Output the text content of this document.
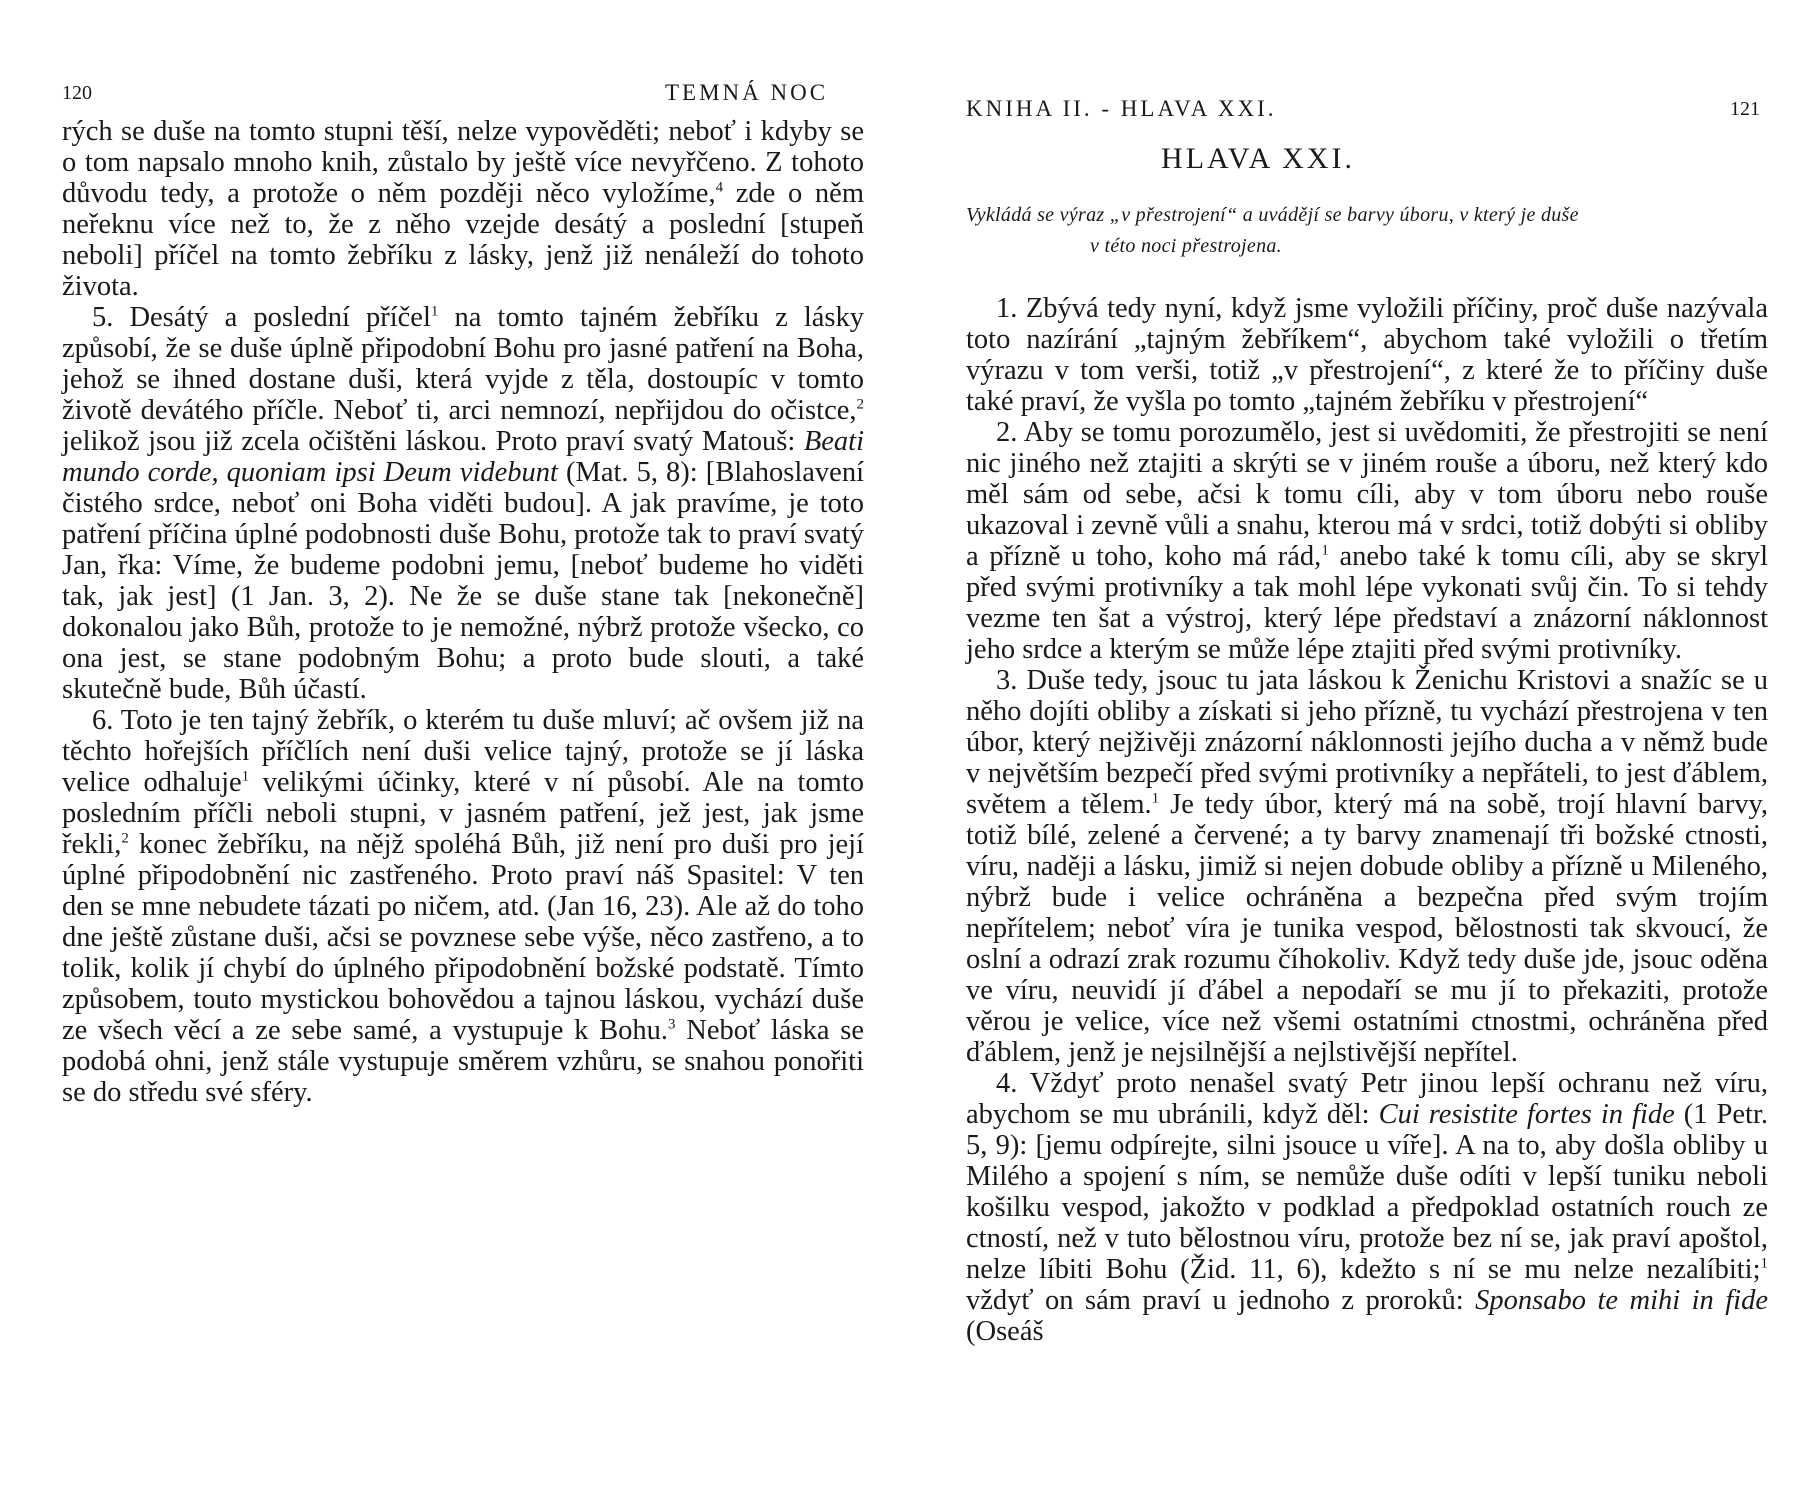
120	TEMNÁ NOC

rých se duše na tomto stupni těší, nelze vypověděti; neboť i kdyby se o tom napsalo mnoho knih, zůstalo by ještě více nevyřčeno. Z tohoto důvodu tedy, a protože o něm později něco vyložíme,$^4$ zde o něm neřeknu více než to, že z něho vzejde desátý a poslední [stupeň neboli] příčel na tomto žebříku z lásky, jenž již nenáleží do tohoto života.

5. Desátý a poslední příčel$^1$ na tomto tajném žebříku z lásky způsobí, že se duše úplně připodobní Bohu pro jasné patření na Boha, jehož se ihned dostane duši, která vyjde z těla, dostoupíc v tomto životě devátého příčle. Neboť ti, arci nemnozí, nepřijdou do očistce,$^2$ jelikož jsou již zcela očištěni láskou. Proto praví svatý Matouš: Beati mundo corde, quoniam ipsi Deum videbunt (Mat. 5, 8): [Blahoslavení čistého srdce, neboť oni Boha viděti budou]. A jak pravíme, je toto patření příčina úplné podobnosti duše Bohu, protože tak to praví svatý Jan, řka: Víme, že budeme podobni jemu, [neboť budeme ho viděti tak, jak jest] (1 Jan. 3, 2). Ne že se duše stane tak [nekonečně] dokonalou jako Bůh, protože to je nemožné, nýbrž protože všecko, co ona jest, se stane podobným Bohu; a proto bude slouti, a také skutečně bude, Bůh účastí.

6. Toto je ten tajný žebřík, o kterém tu duše mluví; ač ovšem již na těchto hořejších příčlích není duši velice tajný, protože se jí láska velice odhaluje$^1$ velikými účinky, které v ní působí. Ale na tomto posledním příčli neboli stupni, v jasném patření, jež jest, jak jsme řekli,$^2$ konec žebříku, na nějž spoléhá Bůh, již není pro duši pro její úplné připodobnění nic zastřeného. Proto praví náš Spasitel: V ten den se mne nebudete tázati po ničem, atd. (Jan 16, 23). Ale až do toho dne ještě zůstane duši, ačsi se povznese sebe výše, něco zastřeno, a to tolik, kolik jí chybí do úplného připodobnění božské podstatě. Tímto způsobem, touto mystickou bohovědou a tajnou láskou, vychází duše ze všech věcí a ze sebe samé, a vystupuje k Bohu.$^3$ Neboť láska se podobá ohni, jenž stále vystupuje směrem vzhůru, se snahou ponořiti se do středu své sféry.

KNIHA II. - HLAVA XXI.	121
HLAVA XXI.
Vykládá se výraz „v přestrojení“ a uvádějí se barvy úboru, v který je duše
v této noci přestrojena.

1. Zbývá tedy nyní, když jsme vyložili příčiny, proč duše nazývala toto nazírání „tajným žebříkem“, abychom také vyložili o třetím výrazu v tom verši, totiž „v přestrojení“, z které že to příčiny duše také praví, že vyšla po tomto „tajném žebříku v přestrojení“

2. Aby se tomu porozumělo, jest si uvědomiti, že přestrojiti se není nic jiného než ztajiti a skrýti se v jiném rouše a úboru, než který kdo měl sám od sebe, ačsi k tomu cíli, aby v tom úboru nebo rouše ukazoval i zevně vůli a snahu, kterou má v srdci, totiž dobýti si obliby a přízně u toho, koho má rád,$^1$ anebo také k tomu cíli, aby se skryl před svými protivníky a tak mohl lépe vykonati svůj čin. To si tehdy vezme ten šat a výstroj, který lépe představí a znázorní náklonnost jeho srdce a kterým se může lépe ztajiti před svými protivníky.

3. Duše tedy, jsouc tu jata láskou k Ženichu Kristovi a snažíc se u něho dojíti obliby a získati si jeho přízně, tu vychází přestrojena v ten úbor, který nejživěji znázorní náklonnosti jejího ducha a v němž bude v největším bezpečí před svými protivníky a nepřáteli, to jest ďáblem, světem a tělem.$^1$ Je tedy úbor, který má na sobě, trojí hlavní barvy, totiž bílé, zelené a červené; a ty barvy znamenají tři božské ctnosti, víru, naději a lásku, jimiž si nejen dobude obliby a přízně u Mileného, nýbrž bude i velice ochráněna a bezpečna před svým trojím nepřítelem; neboť víra je tunika vespod, bělostnosti tak skvoucí, že oslní a odrazí zrak rozumu číhokoliv. Když tedy duše jde, jsouc oděna ve víru, neuvidí jí ďábel a nepodaří se mu jí to překaziti, protože věrou je velice, více než všemi ostatními ctnostmi, ochráněna před ďáblem, jenž je nejsilnější a nejlstivější nepřítel.

4. Vždyť proto nenašel svatý Petr jinou lepší ochranu než víru, abychom se mu ubránili, když děl: Cui resistite fortes in fide (1 Petr. 5, 9): [jemu odpírejte, silni jsouce u víře]. A na to, aby došla obliby u Milého a spojení s ním, se nemůže duše odíti v lepší tuniku neboli košilku vespod, jakožto v podklad a předpoklad ostatních rouch ze ctností, než v tuto bělostnou víru, protože bez ní se, jak praví apoštol, nelze líbiti Bohu (Žid. 11, 6), kdežto s ní se mu nelze nezalíbiti;$^1$ vždyť on sám praví u jednoho z proroků: Sponsabo te mihi in fide (Oseáš
